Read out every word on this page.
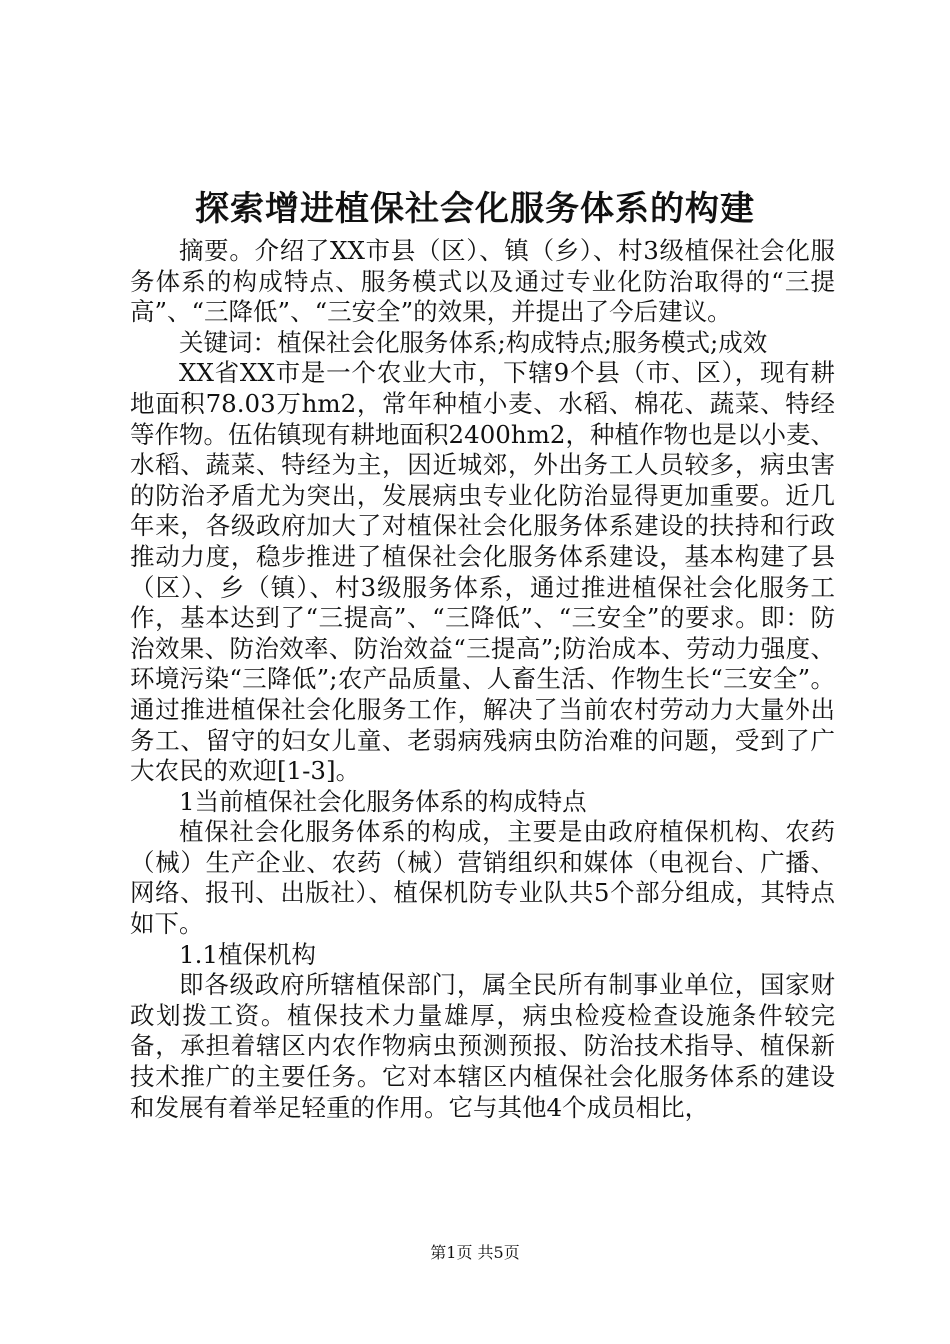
探索增进植保社会化服务体系的构建

摘要。介绍了XX市县（区）、镇（乡）、村3级植保社会化服务体系的构成特点、服务模式以及通过专业化防治取得的“三提高”、“三降低”、“三安全”的效果，并提出了今后建议。

关键词：植保社会化服务体系;构成特点;服务模式;成效

XX省XX市是一个农业大市，下辖9个县（市、区），现有耕地面积78.03万hm2，常年种植小麦、水稻、棉花、蔬菜、特经等作物。伍佑镇现有耕地面积2400hm2，种植作物也是以小麦、水稻、蔬菜、特经为主，因近城郊，外出务工人员较多，病虫害的防治矛盾尤为突出，发展病虫专业化防治显得更加重要。近几年来，各级政府加大了对植保社会化服务体系建设的扶持和行政推动力度，稳步推进了植保社会化服务体系建设，基本构建了县（区）、乡（镇）、村3级服务体系，通过推进植保社会化服务工作，基本达到了“三提高”、“三降低”、“三安全”的要求。即：防治效果、防治效率、防治效益“三提高”;防治成本、劳动力强度、环境污染“三降低”;农产品质量、人畜生活、作物生长“三安全”。通过推进植保社会化服务工作，解决了当前农村劳动力大量外出务工、留守的妇女儿童、老弱病残病虫防治难的问题，受到了广大农民的欢迎[1-3]。

1当前植保社会化服务体系的构成特点

植保社会化服务体系的构成，主要是由政府植保机构、农药（械）生产企业、农药（械）营销组织和媒体（电视台、广播、网络、报刊、出版社）、植保机防专业队共5个部分组成，其特点如下。

1.1植保机构

即各级政府所辖植保部门，属全民所有制事业单位，国家财政划拨工资。植保技术力量雄厚，病虫检疫检查设施条件较完备，承担着辖区内农作物病虫预测预报、防治技术指导、植保新技术推广的主要任务。它对本辖区内植保社会化服务体系的建设和发展有着举足轻重的作用。它与其他4个成员相比，

第1页 共5页
